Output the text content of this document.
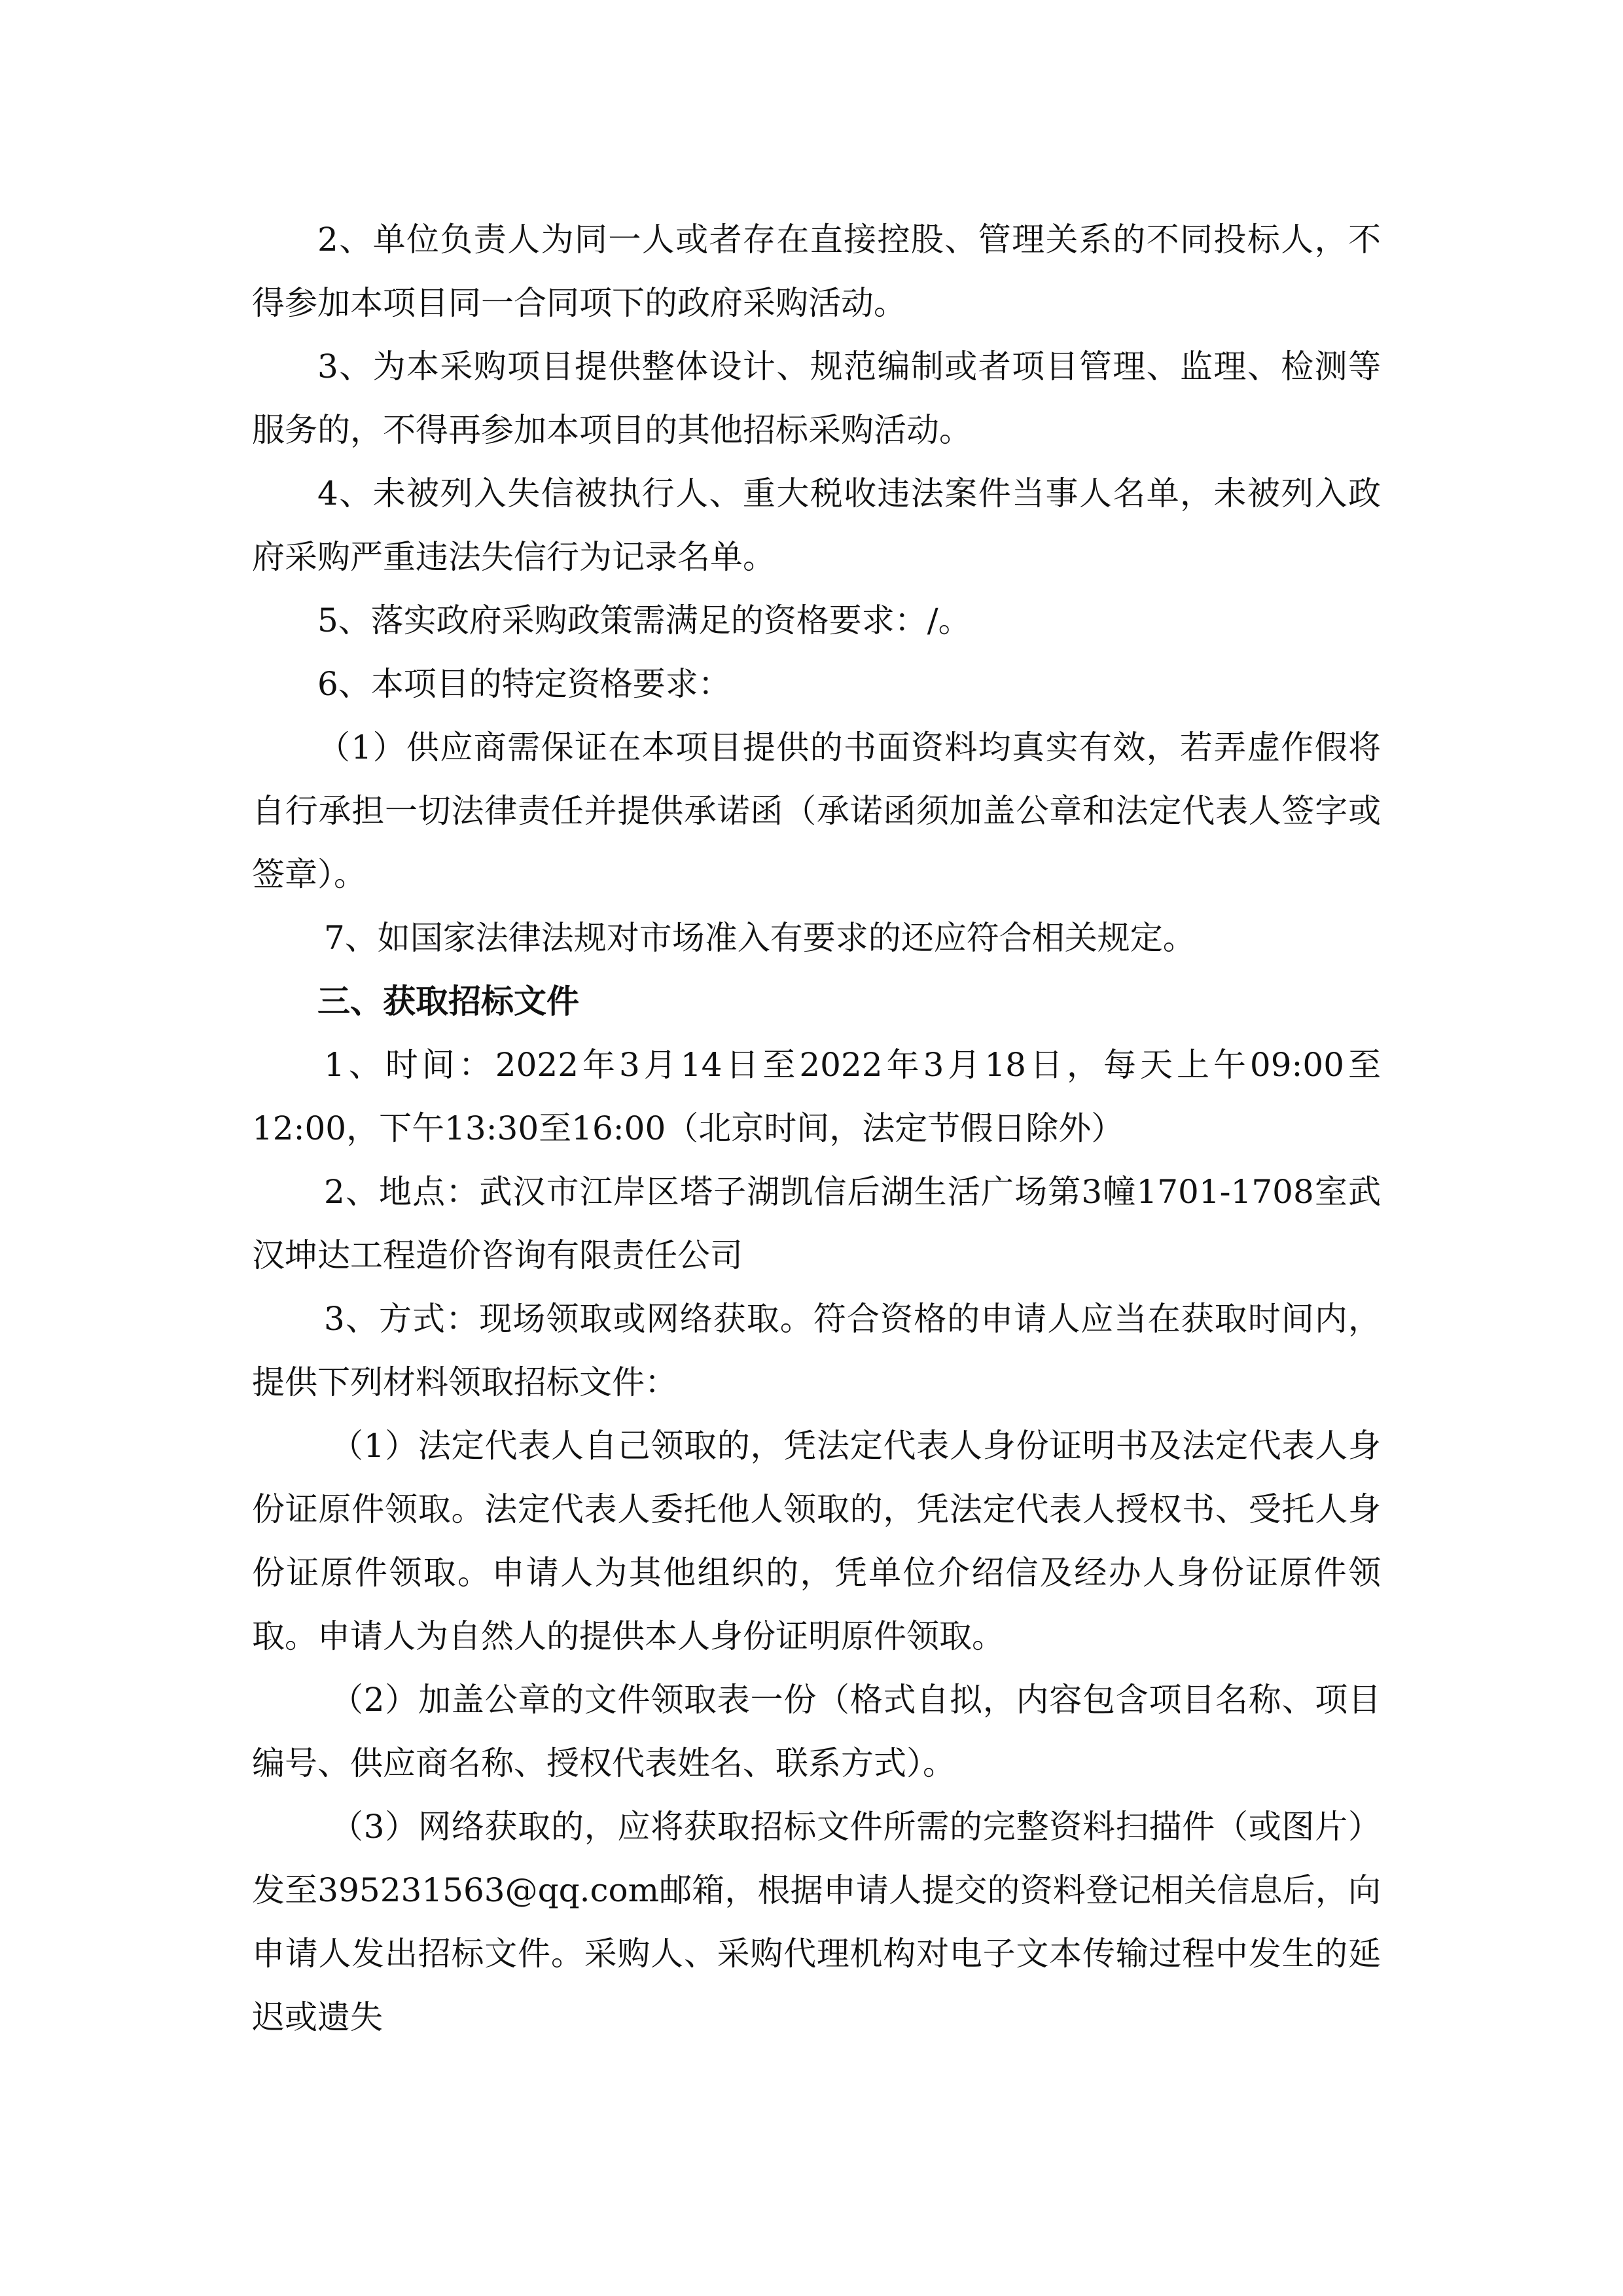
2、单位负责人为同一人或者存在直接控股、管理关系的不同投标人，不得参加本项目同一合同项下的政府采购活动。

3、为本采购项目提供整体设计、规范编制或者项目管理、监理、检测等服务的，不得再参加本项目的其他招标采购活动。

4、未被列入失信被执行人、重大税收违法案件当事人名单，未被列入政府采购严重违法失信行为记录名单。

5、落实政府采购政策需满足的资格要求：/。

6、本项目的特定资格要求：

（1）供应商需保证在本项目提供的书面资料均真实有效，若弄虚作假将自行承担一切法律责任并提供承诺函（承诺函须加盖公章和法定代表人签字或签章）。

7、如国家法律法规对市场准入有要求的还应符合相关规定。

三、获取招标文件

1、时间：2022年3月14日至2022年3月18日，每天上午09:00至12:00，下午13:30至16:00（北京时间，法定节假日除外）

2、地点：武汉市江岸区塔子湖凯信后湖生活广场第3幢1701-1708室武汉坤达工程造价咨询有限责任公司

3、方式：现场领取或网络获取。符合资格的申请人应当在获取时间内，提供下列材料领取招标文件：

（1）法定代表人自己领取的，凭法定代表人身份证明书及法定代表人身份证原件领取。法定代表人委托他人领取的，凭法定代表人授权书、受托人身份证原件领取。申请人为其他组织的，凭单位介绍信及经办人身份证原件领取。申请人为自然人的提供本人身份证明原件领取。

（2）加盖公章的文件领取表一份（格式自拟，内容包含项目名称、项目编号、供应商名称、授权代表姓名、联系方式）。

（3）网络获取的，应将获取招标文件所需的完整资料扫描件（或图片）发至395231563@qq.com邮箱，根据申请人提交的资料登记相关信息后，向申请人发出招标文件。采购人、采购代理机构对电子文本传输过程中发生的延迟或遗失
